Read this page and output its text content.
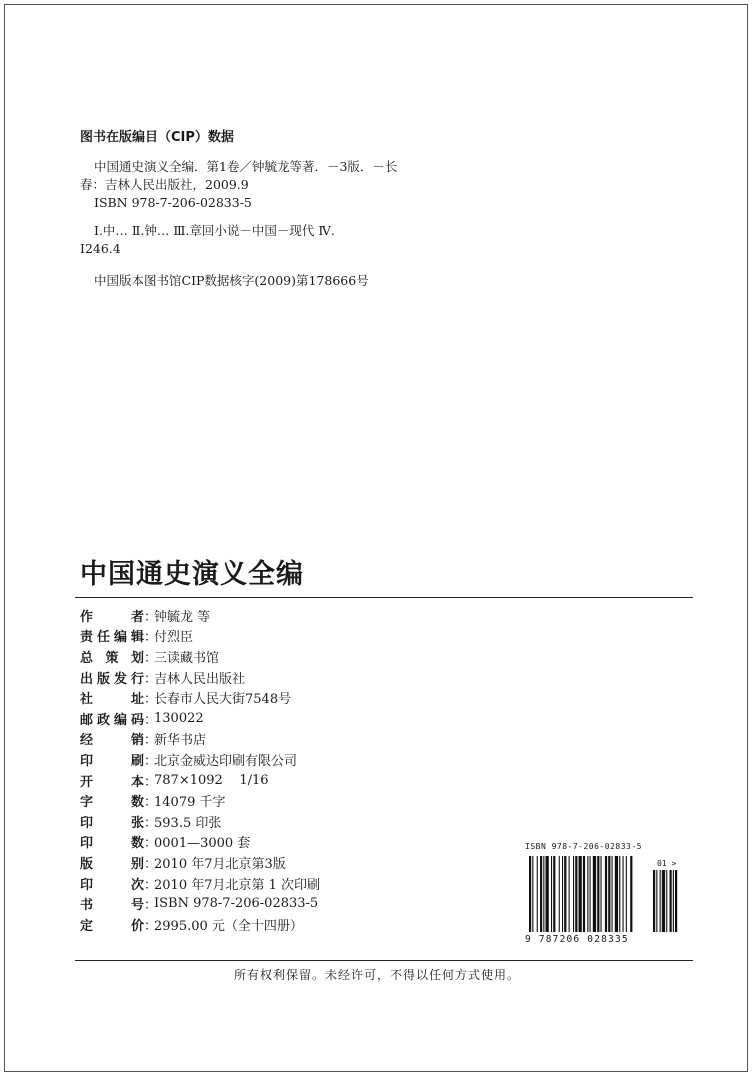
图书在版编目（CIP）数据
中国通史演义全编．第1卷／钟毓龙等著．－3版．－长
春：吉林人民出版社，2009.9
ISBN 978-7-206-02833-5
Ⅰ.中… Ⅱ.钟… Ⅲ.章回小说－中国－现代 Ⅳ.
I246.4
中国版本图书馆CIP数据核字(2009)第178666号
中国通史演义全编
作者 ：
钟毓龙 等
责任编辑 ：
付烈臣
总策划 ：
三读藏书馆
出版发行 ：
吉林人民出版社
社址 ：
长春市人民大街7548号
邮政编码 ：
130022
经销 ：
新华书店
印刷 ：
北京金威达印刷有限公司
开本 ：
787×1092    1/16
字数 ：
14079 千字
印张 ：
593.5 印张
印数 ：
0001—3000 套
版别 ：
2010 年7月北京第3版
印次 ：
2010 年7月北京第 1 次印刷
书号 ：
ISBN 978-7-206-02833-5
定价 ：
2995.00 元（全十四册）
ISBN 978-7-206-02833-5
01 >
9 787206 028335
所有权利保留。未经许可，不得以任何方式使用。
